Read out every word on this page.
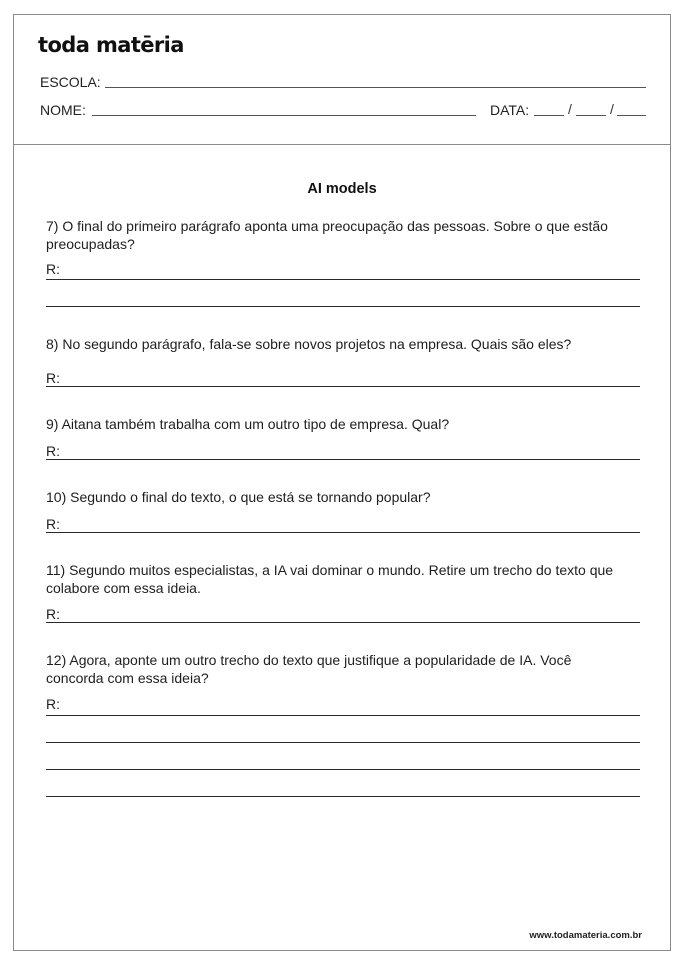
toda matēria
ESCOLA:
NOME:	DATA:	/	/
AI models
7) O final do primeiro parágrafo aponta uma preocupação das pessoas. Sobre o que estão preocupadas?
R:
8) No segundo parágrafo, fala-se sobre novos projetos na empresa. Quais são eles?
R:
9) Aitana também trabalha com um outro tipo de empresa. Qual?
R:
10) Segundo o final do texto, o que está se tornando popular?
R:
11) Segundo muitos especialistas, a IA vai dominar o mundo. Retire um trecho do texto que colabore com essa ideia.
R:
12) Agora, aponte um outro trecho do texto que justifique a popularidade de IA. Você concorda com essa ideia?
R:
www.todamateria.com.br
